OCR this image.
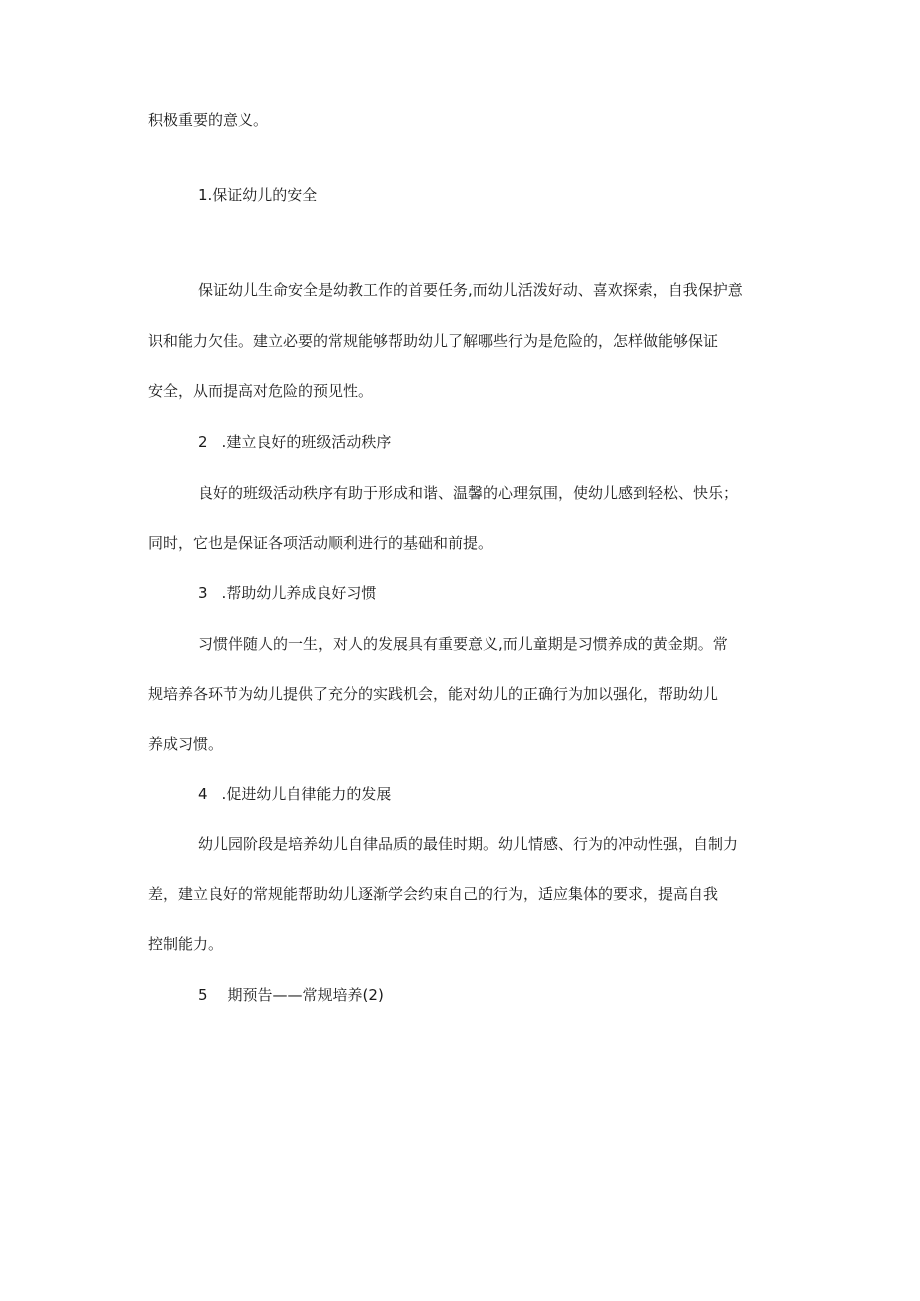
积极重要的意义。
1.保证幼儿的安全
保证幼儿生命安全是幼教工作的首要任务,而幼儿活泼好动、喜欢探索，自我保护意
识和能力欠佳。建立必要的常规能够帮助幼儿了解哪些行为是危险的，怎样做能够保证
安全，从而提高对危险的预见性。
2 .建立良好的班级活动秩序
良好的班级活动秩序有助于形成和谐、温馨的心理氛围，使幼儿感到轻松、快乐；
同时，它也是保证各项活动顺利进行的基础和前提。
3 .帮助幼儿养成良好习惯
习惯伴随人的一生，对人的发展具有重要意义,而儿童期是习惯养成的黄金期。常
规培养各环节为幼儿提供了充分的实践机会，能对幼儿的正确行为加以强化，帮助幼儿
养成习惯。
4 .促进幼儿自律能力的发展
幼儿园阶段是培养幼儿自律品质的最佳时期。幼儿情感、行为的冲动性强，自制力
差，建立良好的常规能帮助幼儿逐渐学会约束自己的行为，适应集体的要求，提高自我
控制能力。
5 期预告——常规培养(2)
